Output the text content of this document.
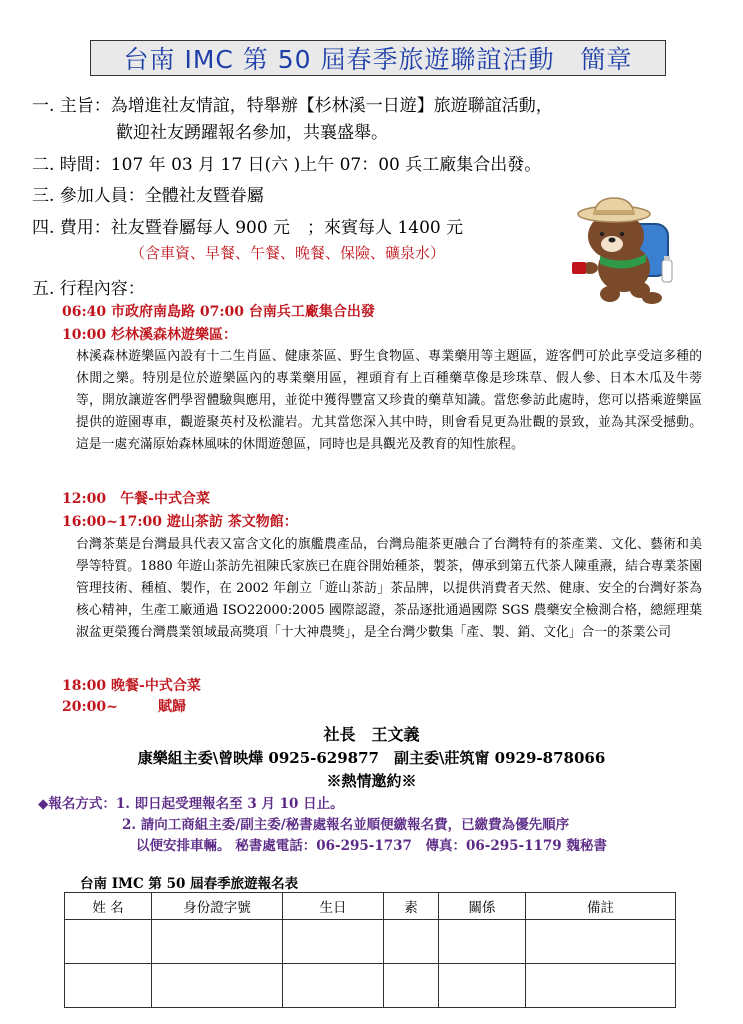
台南 IMC 第 50 屆春季旅遊聯誼活動　簡章
一. 主旨：為增進社友情誼，特舉辦【杉林溪一日遊】旅遊聯誼活動，
歡迎社友踴躍報名參加，共襄盛舉。
二. 時間：107 年 03 月 17 日(六 )上午 07：00 兵工廠集合出發。
三. 參加人員：全體社友暨眷屬
四. 費用：社友暨眷屬每人 900 元　；來賓每人 1400 元
（含車資、早餐、午餐、晚餐、保險、礦泉水）
五. 行程內容：
06:40 市政府南島路 07:00 台南兵工廠集合出發
10:00 杉林溪森林遊樂區：
林溪森林遊樂區內設有十二生肖區、健康茶區、野生食物區、專業藥用等主題區，遊客們可於此享受這多種的休閒之樂。特別是位於遊樂區內的專業藥用區，裡頭育有上百種藥草像是珍珠草、假人參、日本木瓜及牛蒡等，開放讓遊客們學習體驗與應用，並從中獲得豐富又珍貴的藥草知識。當您參訪此處時，您可以搭乘遊樂區提供的遊園專車，觀遊聚英村及松瀧岩。尤其當您深入其中時，則會看見更為壯觀的景致，並為其深受撼動。這是一處充滿原始森林風味的休閒遊憩區，同時也是具觀光及教育的知性旅程。
12:00　午餐-中式合菜
16:00~17:00 遊山茶訪 茶文物館：
台灣茶葉是台灣最具代表又富含文化的旗艦農產品，台灣烏龍茶更融合了台灣特有的茶產業、文化、藝術和美學等特質。1880 年遊山茶訪先祖陳氏家族已在鹿谷開始種茶，製茶，傳承到第五代茶人陳重燾，結合專業茶園管理技術、種植、製作，在 2002 年創立「遊山茶訪」茶品牌，以提供消費者天然、健康、安全的台灣好茶為核心精神，生產工廠通過 ISO22000:2005 國際認證，茶品逐批通過國際 SGS 農藥安全檢測合格，總經理葉淑盆更榮獲台灣農業領域最高獎項「十大神農獎」，是全台灣少數集「產、製、銷、文化」合一的茶業公司
18:00 晚餐-中式合菜
20:00~	賦歸
社長　王文義
康樂組主委\曾映燁 0925-629877　副主委\莊筑甯 0929-878066
※熱情邀約※
◆報名方式：1. 即日起受理報名至 3 月 10 日止。
2. 請向工商組主委/副主委/秘書處報名並順便繳報名費，已繳費為優先順序
以便安排車輛。 秘書處電話：06-295-1737　傳真：06-295-1179 魏秘書
台南 IMC 第 50 屆春季旅遊報名表
姓 名	身份證字號	生日	素	關係	備註
